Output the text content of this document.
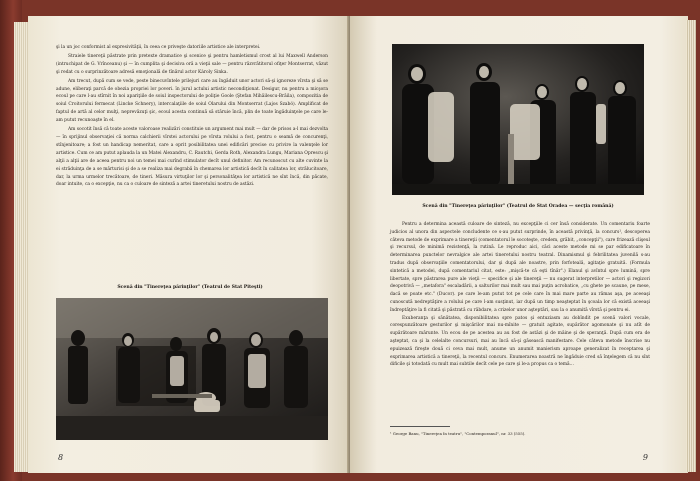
şi la un joc conformist al expresivităţii, în ceea ce priveşte datoriile artistice ale interpretei.

Straiele tinereţii păstrate prin pretexte dramatice şi scenice şi pentru hamletismul crost al lui Maxwell Anderson (intruchipat de G. Vrînceanu) şi — în cumplita şi decisiva oră a vieţii sale — pentru răzvrătitorul ofiţer Montserrat, văzut şi redat cu o surprinzătoare adresă emoţională de tînărul actor Károly Sinka.

Am trecut, după cum se vede, peste binecuvîntele prilejuri care au îngăduit unor actori să-şi ignoreze vîrsta şi să se adune, eliberaţi parcă de obezia propriei lor poveri. în jurul actului artistic necondiţionat. Desigur, nu pentru a micşora ecoul pe care l-au stîrnit în noi apariţiile de soiul inspectorului de poliţie Goole (Ştefan Mihăilescu-Brăila), compozitia de soiul Croitorului fermecat (Lincke Schnery), intercalaţiile de soiul Olarului din Montserrat (Lajos Szabó). Amplificat de faptul de artă al celor mulţi, neprevăzuţi şic, ecoul acesta continuă să stăruie încă, plin de toate îngăduinţele pe care le-am putut recunoaşte în el.

Am socotit însă că toate aceste valoroase realizări constituie un argument mai mult — dar de prisos a-l mai dezvolta — în sprijinul observaţiei că norma calchierii vîrstei actorului pe vîrsta rolului a fost, pentru o seamă de concurenţi, stînjenitoare; a fost un handicap nemeritat, care a oprit posibilitatea unei edificări precise cu privire la valenţele lor artistice. Cum ce am putut aplauda la un Matei Alexandru, C. Rautchi, Gerda Roth, Alexandra Lungu, Mariana Oprescu şi alţii a alţii are de aceea pentru noi un temei mai curînd stimulator decît unul definitor. Am recunoscut cu alte cuvinte la ei străduinţa de a se mărturisi şi de a se realiza mai degrabă în chemarea lor artistică decît în calitatea lor, strălucitoare, dar, la urma urmelor trecătoare, de tineri. Măsura virtuţilor lor şi personalităţea lor artistică ne sînt încă, din păcate, doar intuite, ca o excepţie, nu ca o culoare de sinteză a artei tineretului nostru de astăzi.

Scenă din "Tinereţea părinţilor" (Teatrul de Stat Piteşti)
8
Scenă din "Tinereţea părinţilor" (Teatrul de Stat Oradea — secţia română)

Pentru a determina această culoare de sinteză, nu excepţiile ci cer însă considerate. Un comentariu foarte judicios al unora din aspectele concludente ce s-au putut surprinde, în această privinţă, la concurs¹, descoperea câteva metode de exprimare a tinereţii (comentatorul le socoteşte, credem, grăbit, „concepţii"), care frizează clişeul şi recursul, de minimă rezistenţă, la rutină. Le reproduc aici, căci aceste metode mi se par edificatoare în determinarea punctelor nevralgice ale artei tineretului nostru teatral. Dinamismul şi febrilitatea juvenilă s-au tradus după observaţiile comentatorului, dar şi după ale noastre, prin forfoteală, agitaţie gratuită. (Formula sintetică a metodei, după comentariul citat, este: „mişcă-te că eşti tînăr".) Elanul şi avîntul spre lumină, spre libertate, spre păstrarea pure ale vieţii — specifice şi ale tinereţii — nu sugerat interpretilor — actori şi regizori deopotrivă — „metafora" escaladării, a salturilor mai mult sau mai puţin acrobatice, „cu ghete pe scaune, pe mese, dacă se poate etc." (Ducor). pe care le-am putut tot pe cele care în mai mare parte au rămas aşa, pe aceeaşi cunoscută nedreptăţire a rolului pe care l-am susţinut, iar după un timp neaşteptat în şcoala lor că există aceeaşi îndreptăţire la fi citată şi păstrată cu răbdare, a crizelor unor aşteptări, sau la o anumită vîrstă şi pentru ei.

Exuberanţa şi sănătatea, disponibilitatea spre patos şi entuziasm au dobîndit pe scenă valori vocale, corespunzătoare gesturilor şi mişcărilor mai nu-mînite — gratuit agitate, supărător agomonate şi nu atît de supărătoare mărunte. Un ecou de pe acestea au au fost de astăzi şi de mâine şi de speranţă. După cum era de aşteptat, ca şi la celelalte concursuri, mai au încă să-şi găsească manifestare. Cele câteva metode înscrise nu epuizează fireşte două ci ceva mai mult, anume un anumit manierism aproape generalizat în receptarea şi exprimarea artistică a tinereţii, la recentul concurs. Enumerarea noastră ne îngăduie cred să înţelegem că nu sînt dificile şi totodată cu mult mai subtile decît cele pe care şi le-a propus ca o temă...

¹ George Banu, "Tinereţea în teatru", "Contemporanul", nr. 33 (555).
9
